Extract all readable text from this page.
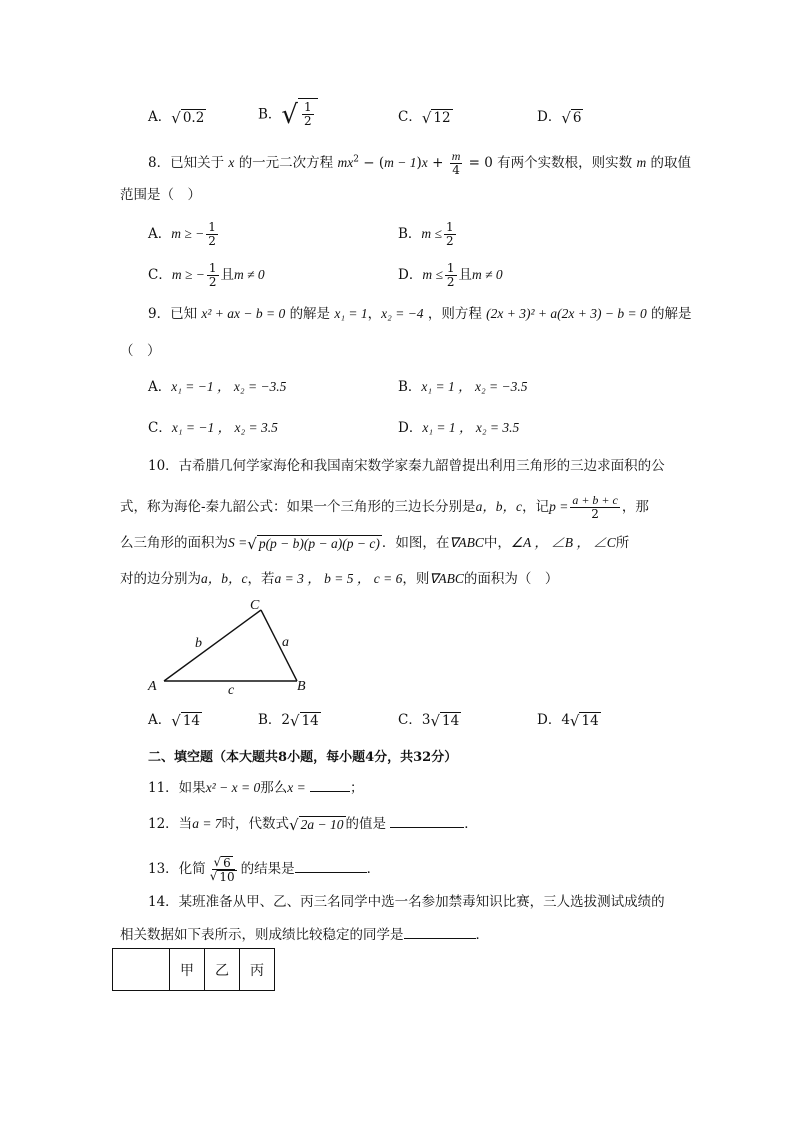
A． √ 0.2	B． √ $\frac{1}{2}$	C． √ 12	D． √ 6
8．已知关于 x 的一元二次方程 $mx^2 - (m - 1)x + \frac{m}{4} = 0$ 有两个实数根，则实数 m 的取值
范围是（　）
A．m ≥ − $\frac{1}{2}$	B．$m \le \frac{1}{2}$
C．m ≥ − $\frac{1}{2}$ 且m ≠ 0	D．$m \le \frac{1}{2}$ 且m ≠ 0
9．已知 x² + ax − b = 0 的解是 x₁ = 1，x₂ = −4 ，则方程 (2x + 3)² + a(2x + 3) − b = 0 的解是
（　）
A．x₁ = −1 ， x₂ = −3.5	B．x₁ = 1 ， x₂ = −3.5
C．x₁ = −1 ， x₂ = 3.5	D．x₁ = 1 ， x₂ = 3.5
10．古希腊几何学家海伦和我国南宋数学家秦九韶曾提出利用三角形的三边求面积的公
式，称为海伦-秦九韶公式：如果一个三角形的三边长分别是a，b，c，记$p = \frac{a + b + c}{2}$ ，那
么三角形的面积为S = √ p(p − b)(p − a)(p − c) ．如图，在∇ABC中，∠A ， ∠B ， ∠C所
对的边分别为a，b，c，若a = 3 ， b = 5 ， c = 6，则∇ABC的面积为（　）
A	B
C
a
b
c
A． √ 14	B．2 √ 14	C．3 √ 14	D．4 √ 14
二、填空题（本大题共8小题，每小题4分，共32分）
11．如果x² − x = 0那么x =	；
12．当a = 7时，代数式 √ 2a − 10 的值是	．
13．化简 $\frac{√ 6}{√ 10}$ 的结果是	．
14．某班准备从甲、乙、丙三名同学中选一名参加禁毒知识比赛，三人选拔测试成绩的
相关数据如下表所示，则成绩比较稳定的同学是	．
	甲	乙	丙
